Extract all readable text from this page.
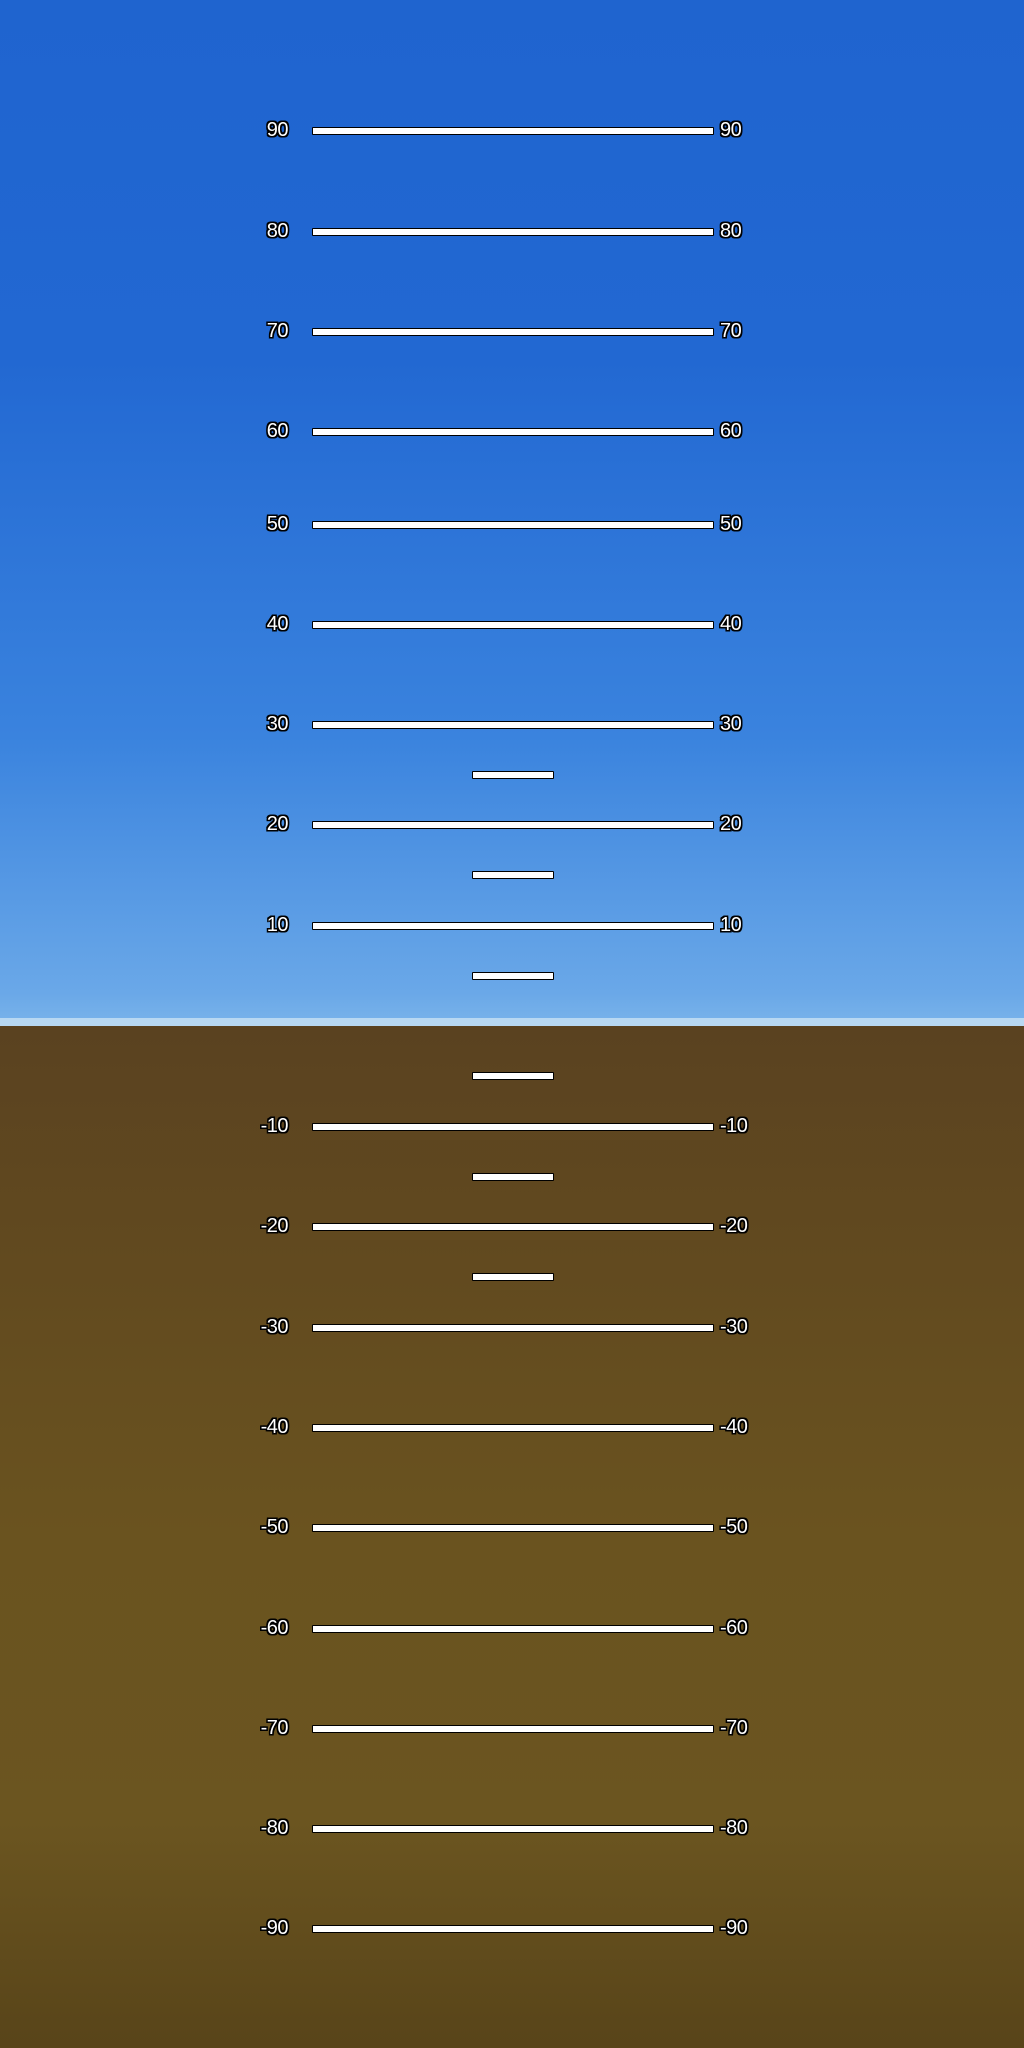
90	90
80	80
70	70
60	60
50	50
40	40
30	30
20	20
10	10
-10	-10
-20	-20
-30	-30
-40	-40
-50	-50
-60	-60
-70	-70
-80	-80
-90	-90
